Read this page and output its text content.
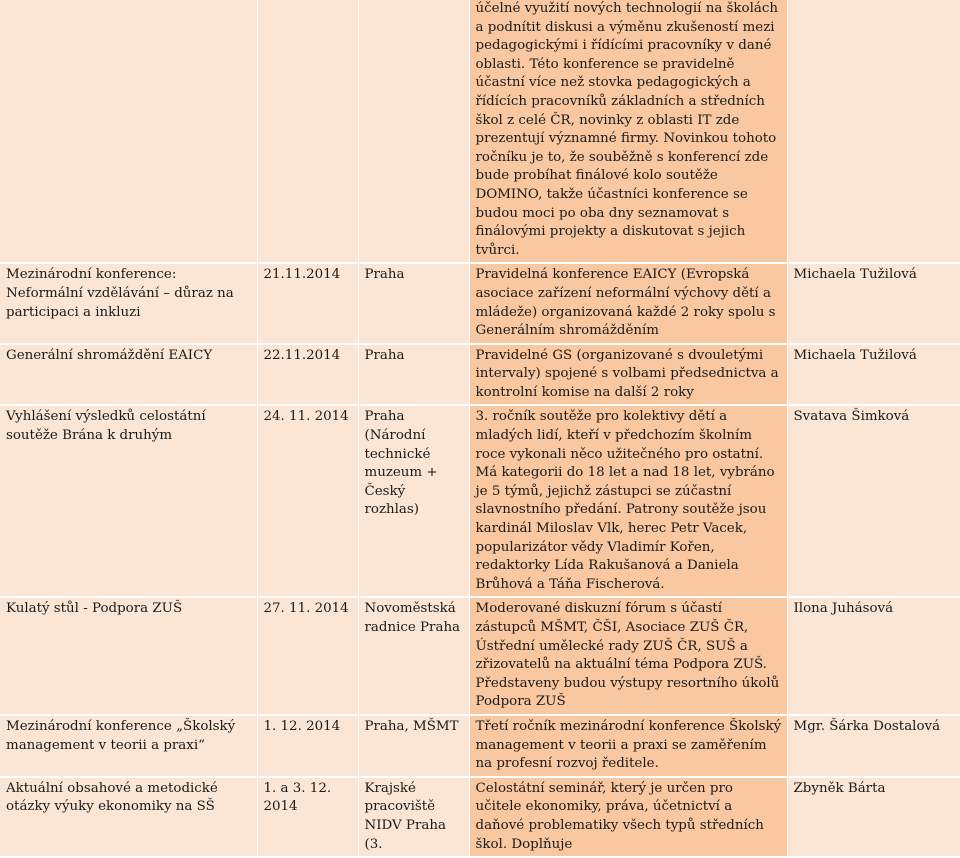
			účelné využití nových technologií na školách a podnítit diskusi a výměnu zkušeností mezi pedagogickými i řídícími pracovníky v dané oblasti. Této konference se pravidelně účastní více než stovka pedagogických a řídících pracovníků základních a středních škol z celé ČR, novinky z oblasti IT zde prezentují významné firmy. Novinkou tohoto ročníku je to, že souběžně s konferencí zde bude probíhat finálové kolo soutěže DOMINO, takže účastníci konference se budou moci po oba dny seznamovat s finálovými projekty a diskutovat s jejich tvůrci.	
Mezinárodní konference: Neformální vzdělávání – důraz na participaci a inkluzi	21.11.2014	Praha	Pravidelná konference EAICY (Evropská asociace zařízení neformální výchovy dětí a mládeže) organizovaná každé 2 roky spolu s Generálním shromážděním	Michaela Tužilová
Generální shromáždění EAICY	22.11.2014	Praha	Pravidelné GS (organizované s dvouletými intervaly) spojené s volbami předsednictva a kontrolní komise na další 2 roky	Michaela Tužilová
Vyhlášení výsledků celostátní soutěže Brána k druhým	24. 11. 2014	Praha (Národní technické muzeum + Český rozhlas)	3. ročník soutěže pro kolektivy dětí a mladých lidí, kteří v předchozím školním roce vykonali něco užitečného pro ostatní. Má kategorii do 18 let a nad 18 let, vybráno je 5 týmů, jejichž zástupci se zúčastní slavnostního předání. Patrony soutěže jsou kardinál Miloslav Vlk, herec Petr Vacek, popularizátor vědy Vladimír Kořen, redaktorky Lída Rakušanová a Daniela Brůhová a Táňa Fischerová.	Svatava Šimková
Kulatý stůl - Podpora ZUŠ	27. 11. 2014	Novoměstská radnice Praha	Moderované diskuzní fórum s účastí zástupců MŠMT, ČŠI, Asociace ZUŠ ČR, Ústřední umělecké rady ZUŠ ČR, SUŠ a zřizovatelů na aktuální téma Podpora ZUŠ. Představeny budou výstupy resortního úkolů Podpora ZUŠ	Ilona Juhásová
Mezinárodní konference „Školský management v teorii a praxi“	1. 12. 2014	Praha, MŠMT	Třetí ročník mezinárodní konference Školský management v teorii a praxi se zaměřením na profesní rozvoj ředitele.	Mgr. Šárka Dostalová
Aktuální obsahové a metodické otázky výuky ekonomiky na SŠ	1. a 3. 12. 2014	Krajské pracoviště NIDV Praha (3.	Celostátní seminář, který je určen pro učitele ekonomiky, práva, účetnictví a daňové problematiky všech typů středních škol. Doplňuje	Zbyněk Bárta
